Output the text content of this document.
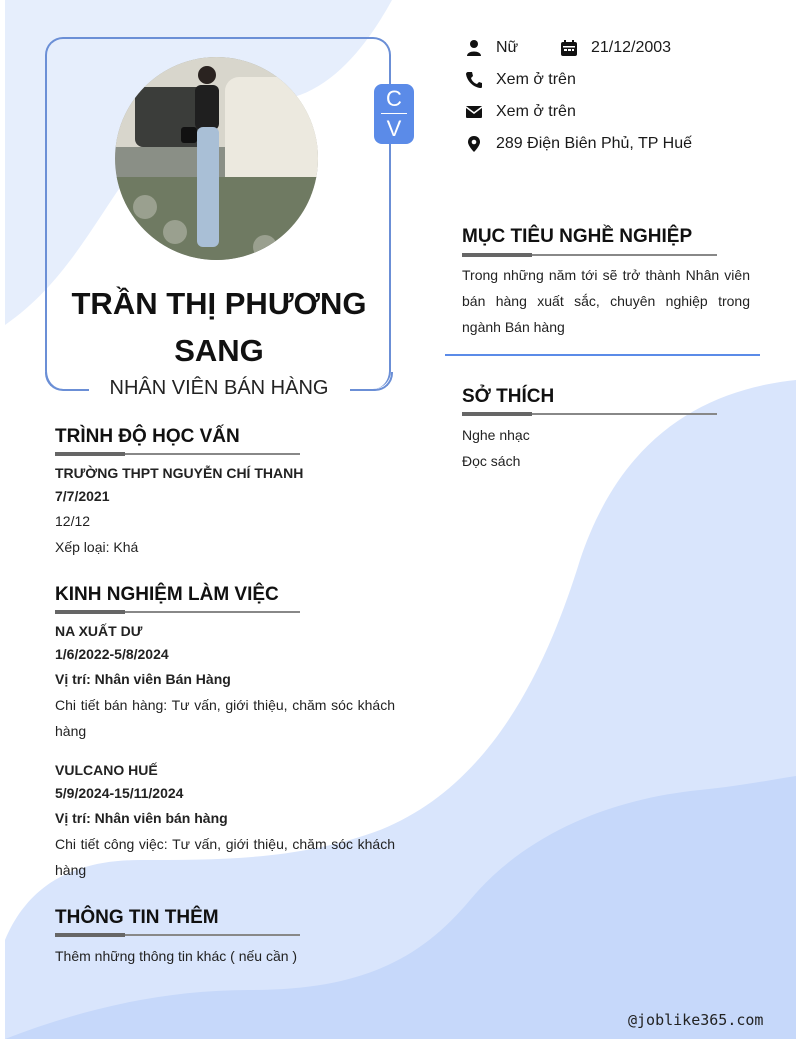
C
V
TRẦN THỊ PHƯƠNG SANG
NHÂN VIÊN BÁN HÀNG
Nữ	21/12/2003
Xem ở trên
Xem ở trên
289 Điện Biên Phủ, TP Huế
MỤC TIÊU NGHỀ NGHIỆP
Trong những năm tới sẽ trở thành Nhân viên bán hàng xuất sắc, chuyên nghiệp trong ngành Bán hàng
SỞ THÍCH
Nghe nhạc
Đọc sách
TRÌNH ĐỘ HỌC VẤN
TRƯỜNG THPT NGUYỄN CHÍ THANH
7/7/2021
12/12
Xếp loại: Khá
KINH NGHIỆM LÀM VIỆC
NA XUẤT DƯ
1/6/2022-5/8/2024
Vị trí: Nhân viên Bán Hàng
Chi tiết bán hàng: Tư vấn, giới thiệu, chăm sóc khách hàng
VULCANO HUẾ
5/9/2024-15/11/2024
Vị trí: Nhân viên bán hàng
Chi tiết công việc: Tư vấn, giới thiệu, chăm sóc khách hàng
THÔNG TIN THÊM
Thêm những thông tin khác ( nếu cần )
@joblike365.com
